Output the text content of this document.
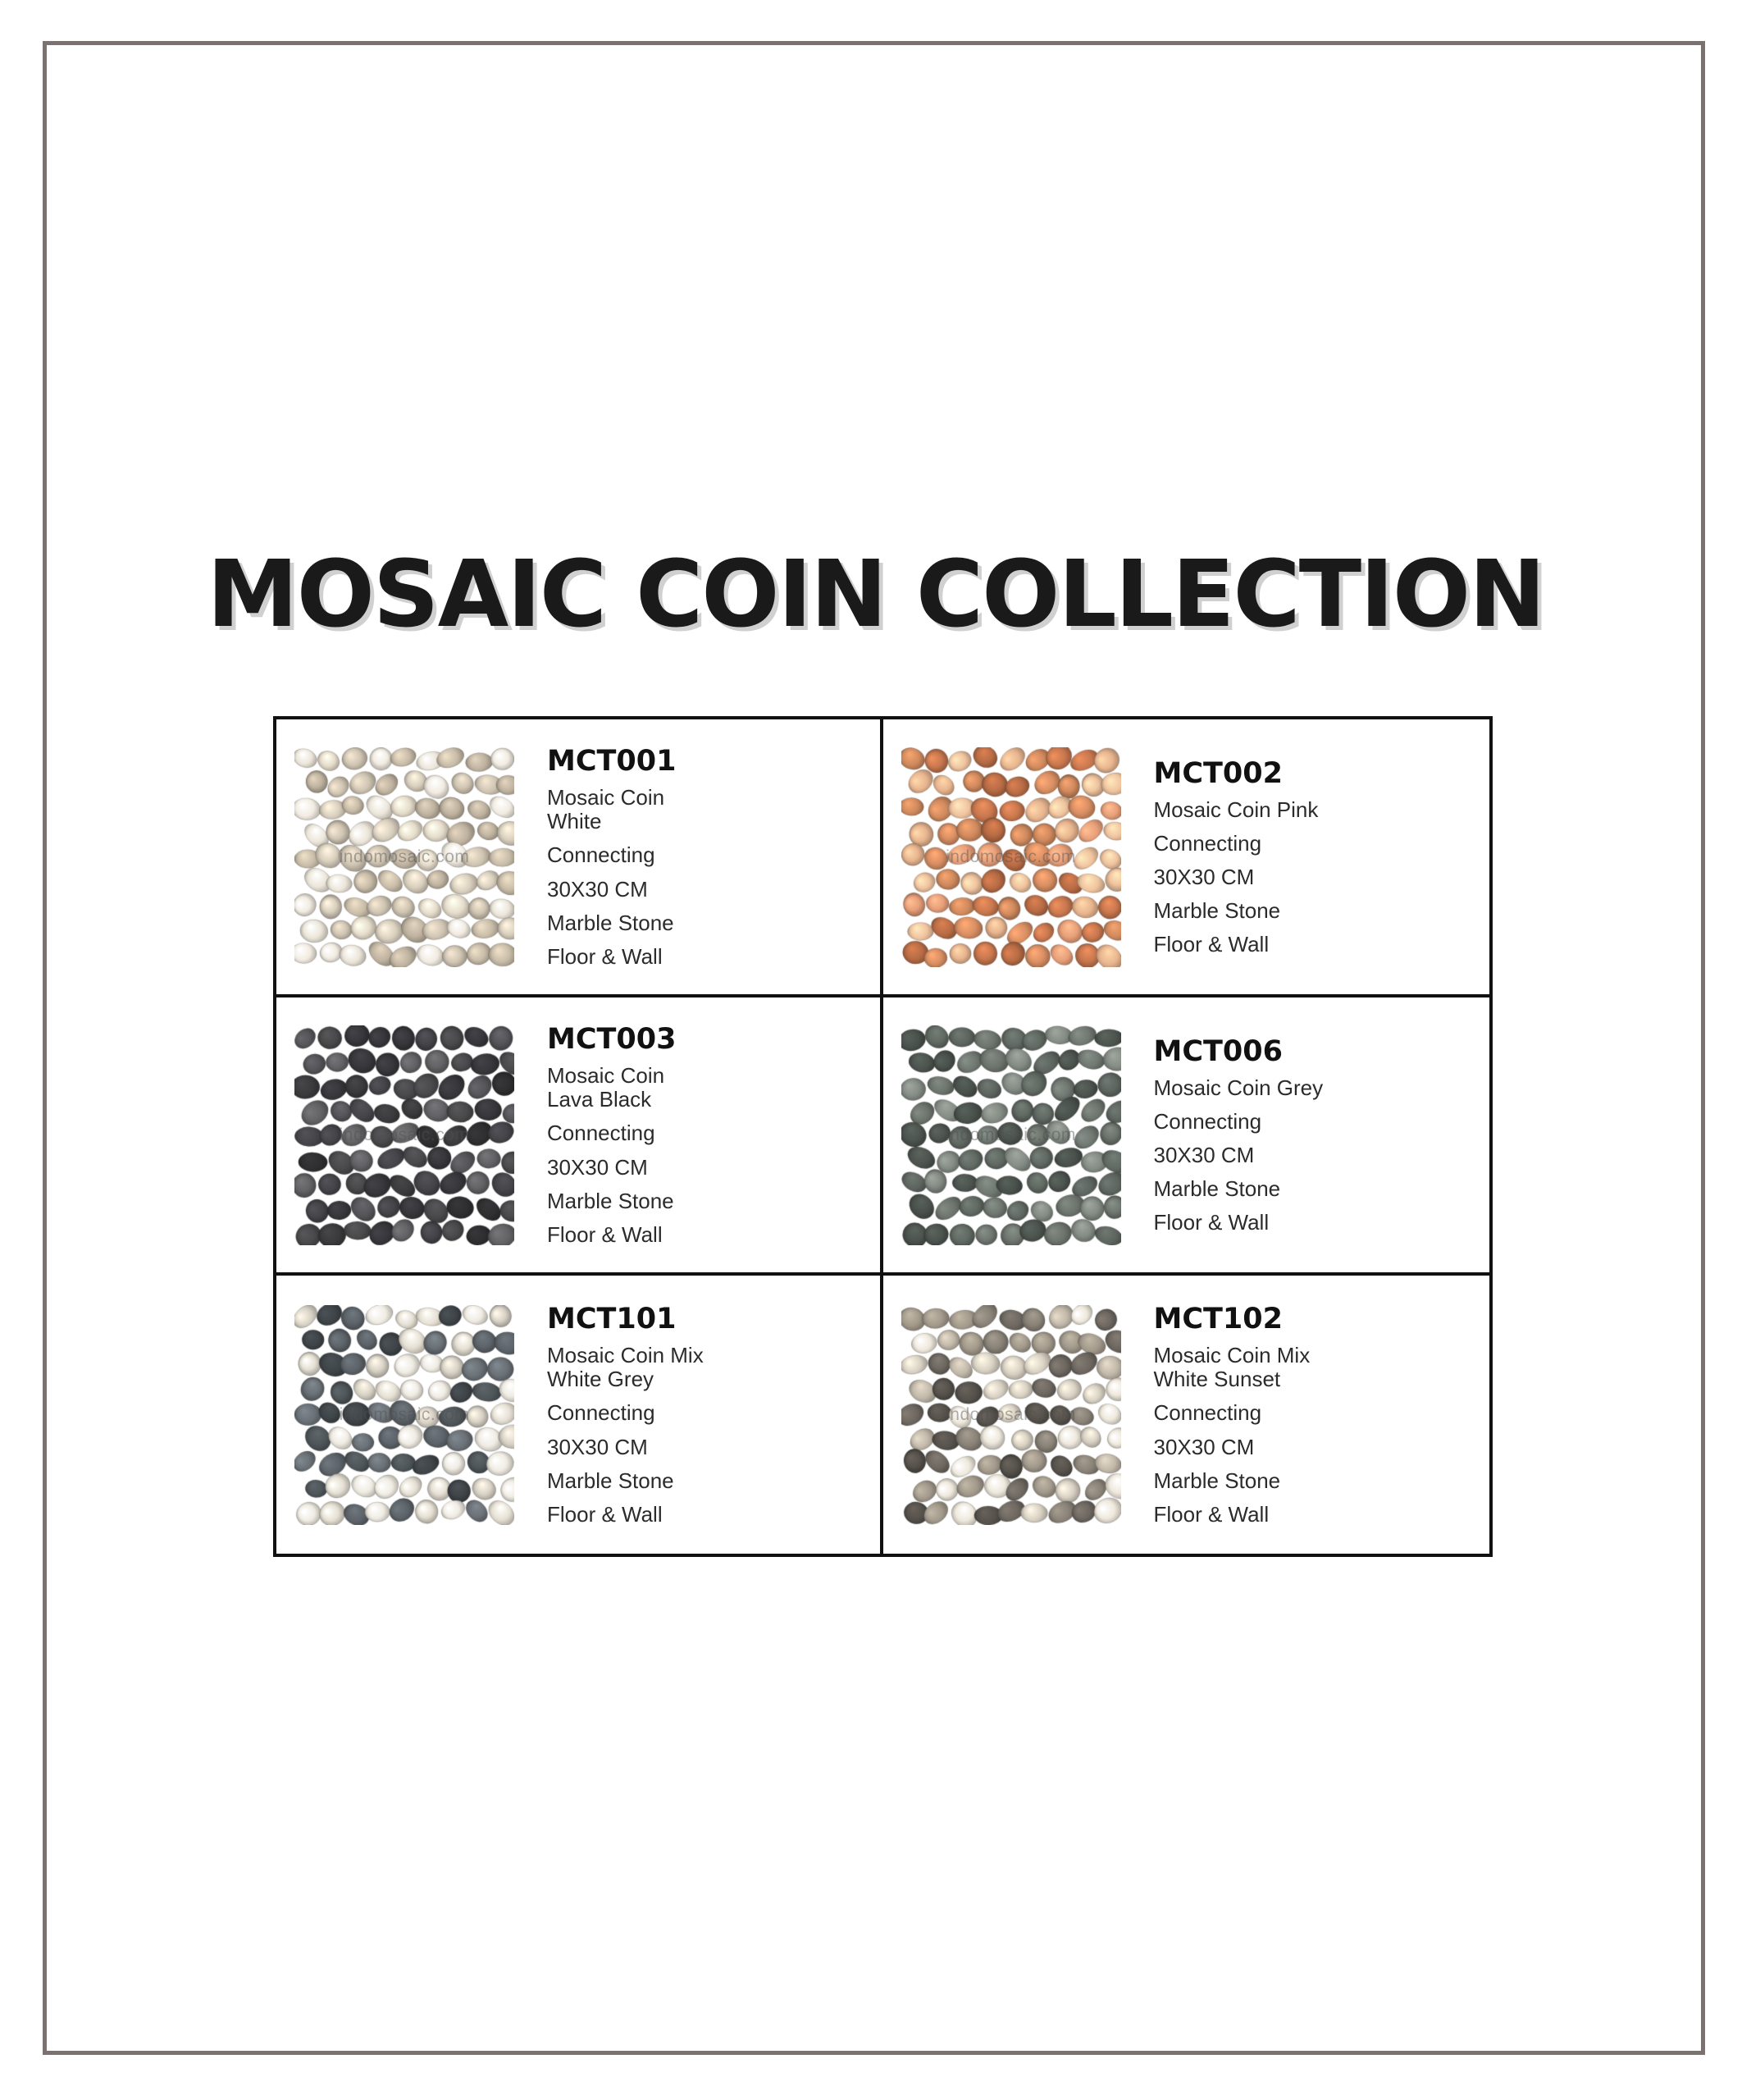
MOSAIC COIN COLLECTION
indomosaic.com
MCT001
Mosaic Coin
White
Connecting
30X30 CM
Marble Stone
Floor & Wall
indomosaic.com
MCT002
Mosaic Coin Pink
Connecting
30X30 CM
Marble Stone
Floor & Wall
indomosaic.com
MCT003
Mosaic Coin
Lava Black
Connecting
30X30 CM
Marble Stone
Floor & Wall
indomosaic.com
MCT006
Mosaic Coin Grey
Connecting
30X30 CM
Marble Stone
Floor & Wall
indomosaic.com
MCT101
Mosaic Coin Mix
White Grey
Connecting
30X30 CM
Marble Stone
Floor & Wall
indomosaic.com
MCT102
Mosaic Coin Mix
White Sunset
Connecting
30X30 CM
Marble Stone
Floor & Wall
